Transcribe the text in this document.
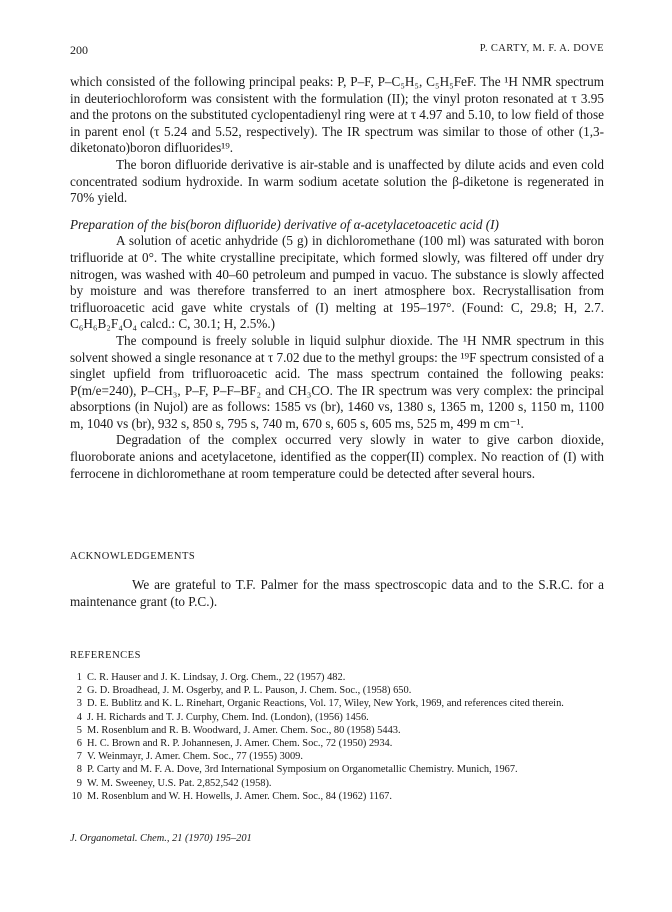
200	P. CARTY, M. F. A. DOVE

which consisted of the following principal peaks: P, P–F, P–C₅H₅, C₅H₅FeF. The ¹H NMR spectrum in deuteriochloroform was consistent with the formulation (II); the vinyl proton resonated at τ 3.95 and the protons on the substituted cyclopentadienyl ring were at τ 4.97 and 5.10, to low field of those in parent enol (τ 5.24 and 5.52, respectively). The IR spectrum was similar to those of other (1,3-diketonato)boron difluorides¹⁹.

The boron difluoride derivative is air-stable and is unaffected by dilute acids and even cold concentrated sodium hydroxide. In warm sodium acetate solution the β-diketone is regenerated in 70% yield.

Preparation of the bis(boron difluoride) derivative of α-acetylacetoacetic acid (I)

A solution of acetic anhydride (5 g) in dichloromethane (100 ml) was saturated with boron trifluoride at 0°. The white crystalline precipitate, which formed slowly, was filtered off under dry nitrogen, was washed with 40–60 petroleum and pumped in vacuo. The substance is slowly affected by moisture and was therefore transferred to an inert atmosphere box. Recrystallisation from trifluoroacetic acid gave white crystals of (I) melting at 195–197°. (Found: C, 29.8; H, 2.7. C₆H₆B₂F₄O₄ calcd.: C, 30.1; H, 2.5%.)

The compound is freely soluble in liquid sulphur dioxide. The ¹H NMR spectrum in this solvent showed a single resonance at τ 7.02 due to the methyl groups: the ¹⁹F spectrum consisted of a singlet upfield from trifluoroacetic acid. The mass spectrum contained the following peaks: P(m/e=240), P–CH₃, P–F, P–F–BF₂ and CH₃CO. The IR spectrum was very complex: the principal absorptions (in Nujol) are as follows: 1585 vs (br), 1460 vs, 1380 s, 1365 m, 1200 s, 1150 m, 1100 m, 1040 vs (br), 932 s, 850 s, 795 s, 740 m, 670 s, 605 s, 605 ms, 525 m, 499 m cm⁻¹.

Degradation of the complex occurred very slowly in water to give carbon dioxide, fluoroborate anions and acetylacetone, identified as the copper(II) complex. No reaction of (I) with ferrocene in dichloromethane at room temperature could be detected after several hours.

ACKNOWLEDGEMENTS

We are grateful to T.F. Palmer for the mass spectroscopic data and to the S.R.C. for a maintenance grant (to P.C.).

REFERENCES
1 C. R. Hauser and J. K. Lindsay, J. Org. Chem., 22 (1957) 482.
2 G. D. Broadhead, J. M. Osgerby, and P. L. Pauson, J. Chem. Soc., (1958) 650.
3 D. E. Bublitz and K. L. Rinehart, Organic Reactions, Vol. 17, Wiley, New York, 1969, and references cited therein.
4 J. H. Richards and T. J. Curphy, Chem. Ind. (London), (1956) 1456.
5 M. Rosenblum and R. B. Woodward, J. Amer. Chem. Soc., 80 (1958) 5443.
6 H. C. Brown and R. P. Johannesen, J. Amer. Chem. Soc., 72 (1950) 2934.
7 V. Weinmayr, J. Amer. Chem. Soc., 77 (1955) 3009.
8 P. Carty and M. F. A. Dove, 3rd International Symposium on Organometallic Chemistry. Munich, 1967.
9 W. M. Sweeney, U.S. Pat. 2,852,542 (1958).
10 M. Rosenblum and W. H. Howells, J. Amer. Chem. Soc., 84 (1962) 1167.
J. Organometal. Chem., 21 (1970) 195–201
